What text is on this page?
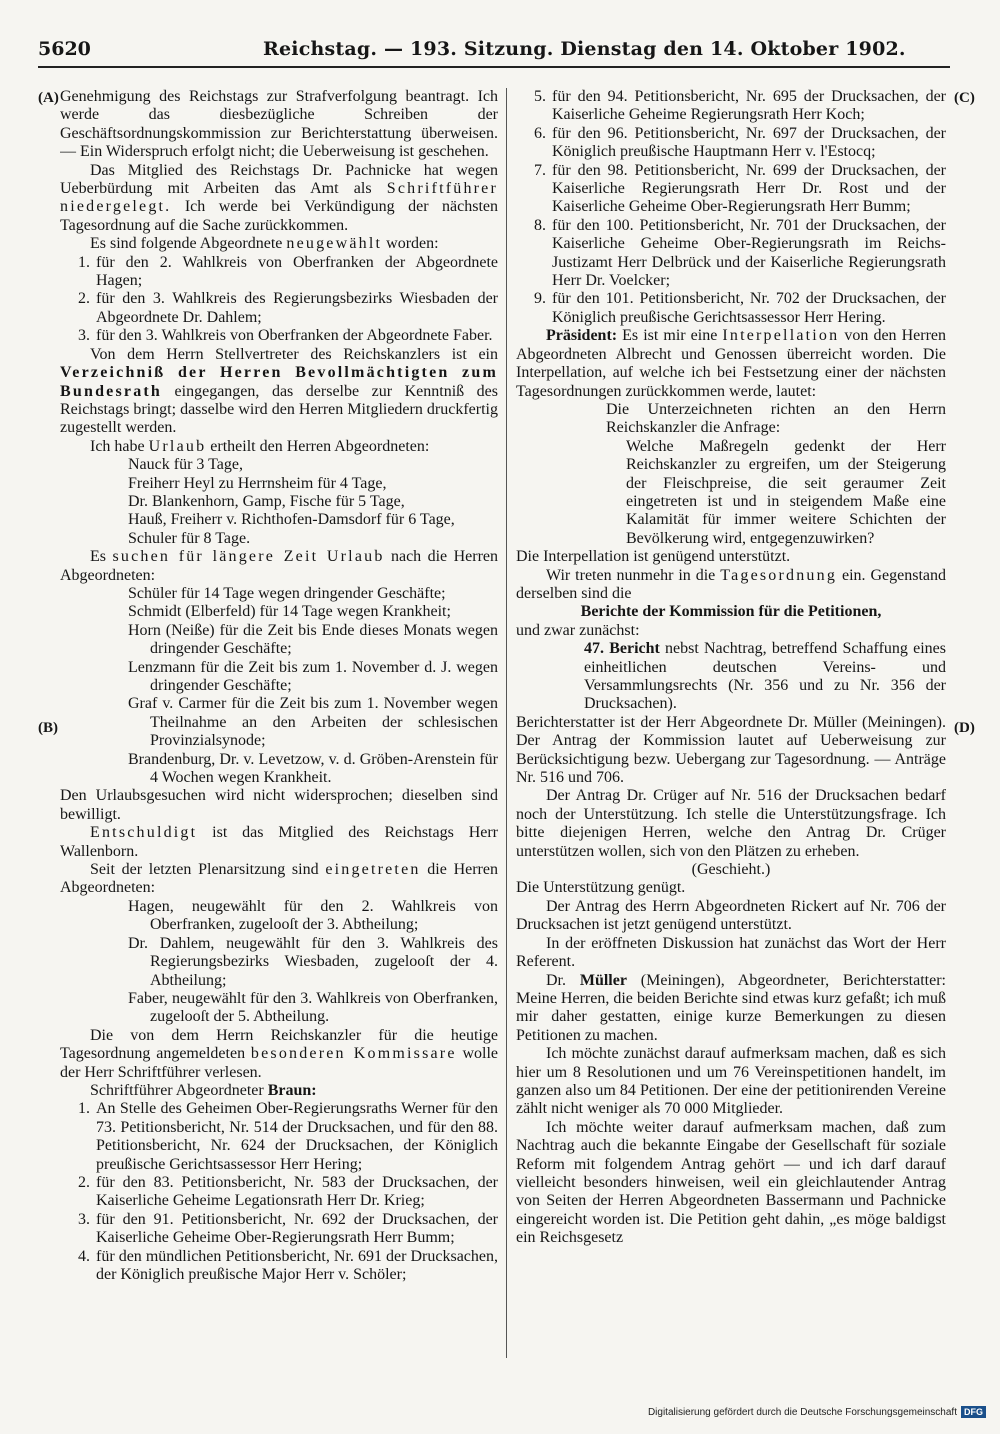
5620	Reichstag. — 193. Sitzung. Dienstag den 14. Oktober 1902.
(A)
(B)
(C)
(D)

Genehmigung des Reichstags zur Strafverfolgung beantragt. Ich werde das diesbezügliche Schreiben der Geschäftsordnungskommission zur Berichterstattung überweisen. — Ein Widerspruch erfolgt nicht; die Ueberweisung ist geschehen.

Das Mitglied des Reichstags Dr. Pachnicke hat wegen Ueberbürdung mit Arbeiten das Amt als Schriftführer niedergelegt. Ich werde bei Verkündigung der nächsten Tagesordnung auf die Sache zurückkommen.

Es sind folgende Abgeordnete neugewählt worden:

1. für den 2. Wahlkreis von Oberfranken der Abgeordnete Hagen;
2. für den 3. Wahlkreis des Regierungsbezirks Wiesbaden der Abgeordnete Dr. Dahlem;
3. für den 3. Wahlkreis von Oberfranken der Abgeordnete Faber.

Von dem Herrn Stellvertreter des Reichskanzlers ist ein Verzeichniß der Herren Bevollmächtigten zum Bundesrath eingegangen, das derselbe zur Kenntniß des Reichstags bringt; dasselbe wird den Herren Mitgliedern druckfertig zugestellt werden.

Ich habe Urlaub ertheilt den Herren Abgeordneten:

Nauck für 3 Tage,

Freiherr Heyl zu Herrnsheim für 4 Tage,

Dr. Blankenhorn, Gamp, Fische für 5 Tage,

Hauß, Freiherr v. Richthofen-Damsdorf für 6 Tage,

Schuler für 8 Tage.

Es suchen für längere Zeit Urlaub nach die Herren Abgeordneten:

Schüler für 14 Tage wegen dringender Geschäfte;

Schmidt (Elberfeld) für 14 Tage wegen Krankheit;

Horn (Neiße) für die Zeit bis Ende dieses Monats wegen dringender Geschäfte;

Lenzmann für die Zeit bis zum 1. November d. J. wegen dringender Geschäfte;

Graf v. Carmer für die Zeit bis zum 1. November wegen Theilnahme an den Arbeiten der schlesischen Provinzialsynode;

Brandenburg, Dr. v. Levetzow, v. d. Gröben-Arenstein für 4 Wochen wegen Krankheit.

Den Urlaubsgesuchen wird nicht widersprochen; dieselben sind bewilligt.

Entschuldigt ist das Mitglied des Reichstags Herr Wallenborn.

Seit der letzten Plenarsitzung sind eingetreten die Herren Abgeordneten:

Hagen, neugewählt für den 2. Wahlkreis von Oberfranken, zugelooſt der 3. Abtheilung;

Dr. Dahlem, neugewählt für den 3. Wahlkreis des Regierungsbezirks Wiesbaden, zugelooſt der 4. Abtheilung;

Faber, neugewählt für den 3. Wahlkreis von Oberfranken, zugelooſt der 5. Abtheilung.

Die von dem Herrn Reichskanzler für die heutige Tagesordnung angemeldeten besonderen Kommissare wolle der Herr Schriftführer verlesen.

Schriftführer Abgeordneter Braun:

1. An Stelle des Geheimen Ober-Regierungsraths Werner für den 73. Petitionsbericht, Nr. 514 der Drucksachen, und für den 88. Petitionsbericht, Nr. 624 der Drucksachen, der Königlich preußische Gerichtsassessor Herr Hering;
2. für den 83. Petitionsbericht, Nr. 583 der Drucksachen, der Kaiserliche Geheime Legationsrath Herr Dr. Krieg;
3. für den 91. Petitionsbericht, Nr. 692 der Drucksachen, der Kaiserliche Geheime Ober-Regierungsrath Herr Bumm;
4. für den mündlichen Petitionsbericht, Nr. 691 der Drucksachen, der Königlich preußische Major Herr v. Schöler;
5. für den 94. Petitionsbericht, Nr. 695 der Drucksachen, der Kaiserliche Geheime Regierungsrath Herr Koch;
6. für den 96. Petitionsbericht, Nr. 697 der Drucksachen, der Königlich preußische Hauptmann Herr v. l'Estocq;
7. für den 98. Petitionsbericht, Nr. 699 der Drucksachen, der Kaiserliche Regierungsrath Herr Dr. Rost und der Kaiserliche Geheime Ober-Regierungsrath Herr Bumm;
8. für den 100. Petitionsbericht, Nr. 701 der Drucksachen, der Kaiserliche Geheime Ober-Regierungsrath im Reichs-Justizamt Herr Delbrück und der Kaiserliche Regierungsrath Herr Dr. Voelcker;
9. für den 101. Petitionsbericht, Nr. 702 der Drucksachen, der Königlich preußische Gerichtsassessor Herr Hering.

Präsident: Es ist mir eine Interpellation von den Herren Abgeordneten Albrecht und Genossen überreicht worden. Die Interpellation, auf welche ich bei Festsetzung einer der nächsten Tagesordnungen zurückkommen werde, lautet:

Die Unterzeichneten richten an den Herrn Reichskanzler die Anfrage:

Welche Maßregeln gedenkt der Herr Reichskanzler zu ergreifen, um der Steigerung der Fleischpreise, die seit geraumer Zeit eingetreten ist und in steigendem Maße eine Kalamität für immer weitere Schichten der Bevölkerung wird, entgegenzuwirken?

Die Interpellation ist genügend unterstützt.

Wir treten nunmehr in die Tagesordnung ein. Gegenstand derselben sind die

Berichte der Kommission für die Petitionen,

und zwar zunächst:

47. Bericht nebst Nachtrag, betreffend Schaffung eines einheitlichen deutschen Vereins- und Versammlungsrechts (Nr. 356 und zu Nr. 356 der Drucksachen).

Berichterstatter ist der Herr Abgeordnete Dr. Müller (Meiningen). Der Antrag der Kommission lautet auf Ueberweisung zur Berücksichtigung bezw. Uebergang zur Tagesordnung. — Anträge Nr. 516 und 706.

Der Antrag Dr. Crüger auf Nr. 516 der Drucksachen bedarf noch der Unterstützung. Ich stelle die Unterstützungsfrage. Ich bitte diejenigen Herren, welche den Antrag Dr. Crüger unterstützen wollen, sich von den Plätzen zu erheben.

(Geschieht.)

Die Unterstützung genügt.

Der Antrag des Herrn Abgeordneten Rickert auf Nr. 706 der Drucksachen ist jetzt genügend unterstützt.

In der eröffneten Diskussion hat zunächst das Wort der Herr Referent.

Dr. Müller (Meiningen), Abgeordneter, Berichterstatter: Meine Herren, die beiden Berichte sind etwas kurz gefaßt; ich muß mir daher gestatten, einige kurze Bemerkungen zu diesen Petitionen zu machen.

Ich möchte zunächst darauf aufmerksam machen, daß es sich hier um 8 Resolutionen und um 76 Vereinspetitionen handelt, im ganzen also um 84 Petitionen. Der eine der petitionirenden Vereine zählt nicht weniger als 70 000 Mitglieder.

Ich möchte weiter darauf aufmerksam machen, daß zum Nachtrag auch die bekannte Eingabe der Gesellschaft für soziale Reform mit folgendem Antrag gehört — und ich darf darauf vielleicht besonders hinweisen, weil ein gleichlautender Antrag von Seiten der Herren Abgeordneten Bassermann und Pachnicke eingereicht worden ist. Die Petition geht dahin, „es möge baldigst ein Reichsgesetz

Digitalisierung gefördert durch die Deutsche Forschungsgemeinschaft DFG
